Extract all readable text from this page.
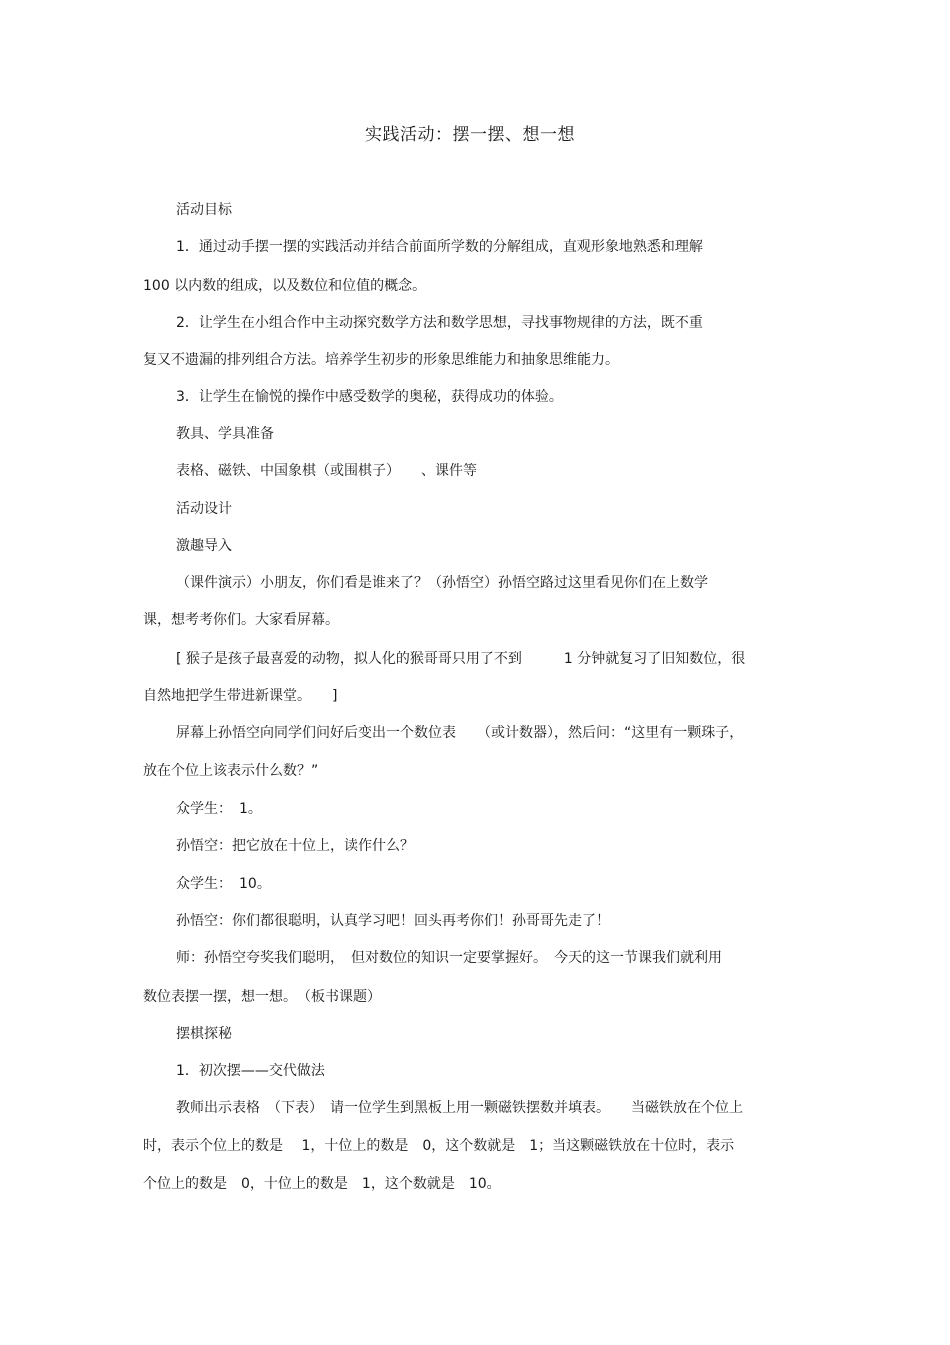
实践活动：摆一摆、想一想
活动目标
1．通过动手摆一摆的实践活动并结合前面所学数的分解组成，直观形象地熟悉和理解
100 以内数的组成，以及数位和位值的概念。
2．让学生在小组合作中主动探究数学方法和数学思想，寻找事物规律的方法，既不重
复又不遗漏的排列组合方法。培养学生初步的形象思维能力和抽象思维能力。
3．让学生在愉悦的操作中感受数学的奥秘，获得成功的体验。
教具、学具准备
表格、磁铁、中国象棋（或围棋子）　　、课件等
活动设计
激趣导入
（课件演示）小朋友，你们看是谁来了？（孙悟空）孙悟空路过这里看见你们在上数学
课，想考考你们。大家看屏幕。
[ 猴子是孩子最喜爱的动物，拟人化的猴哥哥只用了不到　　　1 分钟就复习了旧知数位，很
自然地把学生带进新课堂。　　]
屏幕上孙悟空向同学们问好后变出一个数位表　　（或计数器），然后问：“这里有一颗珠子，
放在个位上该表示什么数？”
众学生：　1。
孙悟空：把它放在十位上，读作什么？
众学生：　10。
孙悟空：你们都很聪明，认真学习吧！回头再考你们！孙哥哥先走了！
师：孙悟空夸奖我们聪明，　但对数位的知识一定要掌握好。　今天的这一节课我们就利用
数位表摆一摆，想一想。　（板书课题）
摆棋探秘
1．初次摆——交代做法
教师出示表格　（下表）　请一位学生到黑板上用一颗磁铁摆数并填表。　　当磁铁放在个位上
时，表示个位上的数是　 1，十位上的数是　0，这个数就是　1；当这颗磁铁放在十位时，表示
个位上的数是　0，十位上的数是　1，这个数就是　10。
